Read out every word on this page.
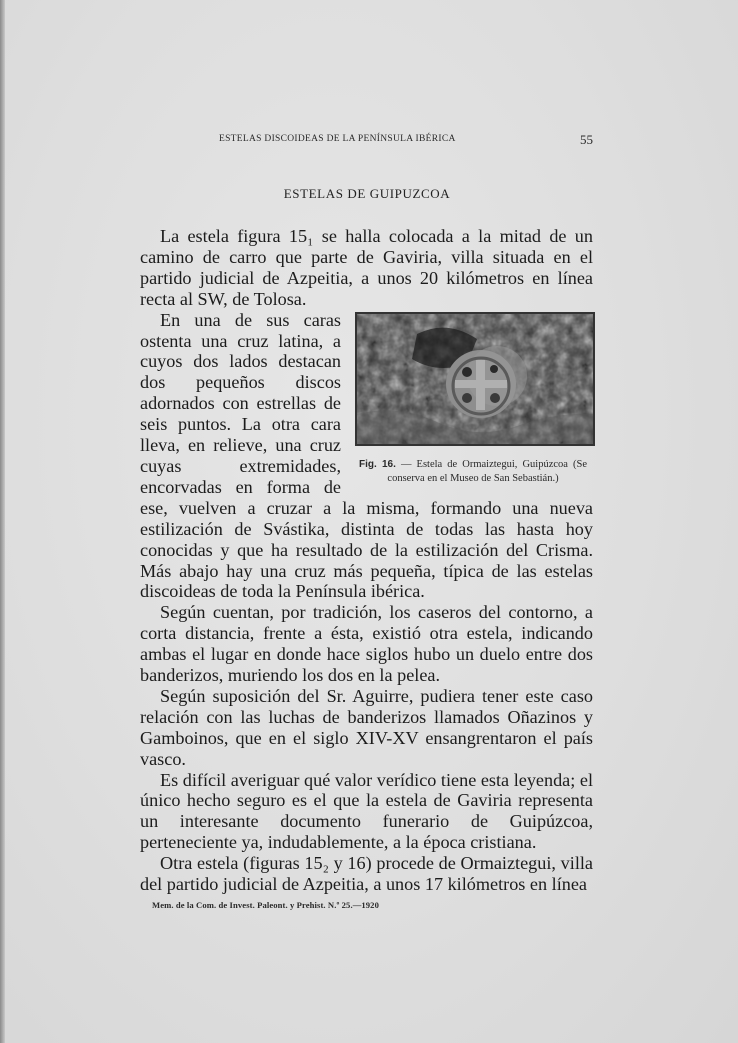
ESTELAS DISCOIDEAS DE LA PENÍNSULA IBÉRICA	55
ESTELAS DE GUIPUZCOA

La estela figura 15₁ se halla colocada a la mitad de un camino de carro que parte de Gaviria, villa situada en el partido judicial de Azpeitia, a unos 20 kilómetros en línea recta al SW, de Tolosa.

Fig. 16. — Estela de Ormaiztegui, Guipúzcoa (Se conserva en el Museo de San Sebastián.)
En una de sus caras ostenta una cruz latina, a cuyos dos lados destacan dos pequeños discos adornados con estrellas de seis puntos. La otra cara lleva, en relieve, una cruz cuyas extremidades, encorvadas en forma de ese, vuelven a cruzar a la misma, formando una nueva estilización de Svástika, distinta de todas las hasta hoy conocidas y que ha resultado de la estilización del Crisma. Más abajo hay una cruz más pequeña, típica de las estelas discoideas de toda la Península ibérica.

Según cuentan, por tradición, los caseros del contorno, a corta distancia, frente a ésta, existió otra estela, indicando ambas el lugar en donde hace siglos hubo un duelo entre dos banderizos, muriendo los dos en la pelea.

Según suposición del Sr. Aguirre, pudiera tener este caso relación con las luchas de banderizos llamados Oñazinos y Gamboinos, que en el siglo XIV-XV ensangrentaron el país vasco.

Es difícil averiguar qué valor verídico tiene esta leyenda; el único hecho seguro es el que la estela de Gaviria representa un interesante documento funerario de Guipúzcoa, perteneciente ya, indudablemente, a la época cristiana.

Otra estela (figuras 15₂ y 16) procede de Ormaiztegui, villa del partido judicial de Azpeitia, a unos 17 kilómetros en línea

Mem. de la Com. de Invest. Paleont. y Prehist. N.º 25.—1920
